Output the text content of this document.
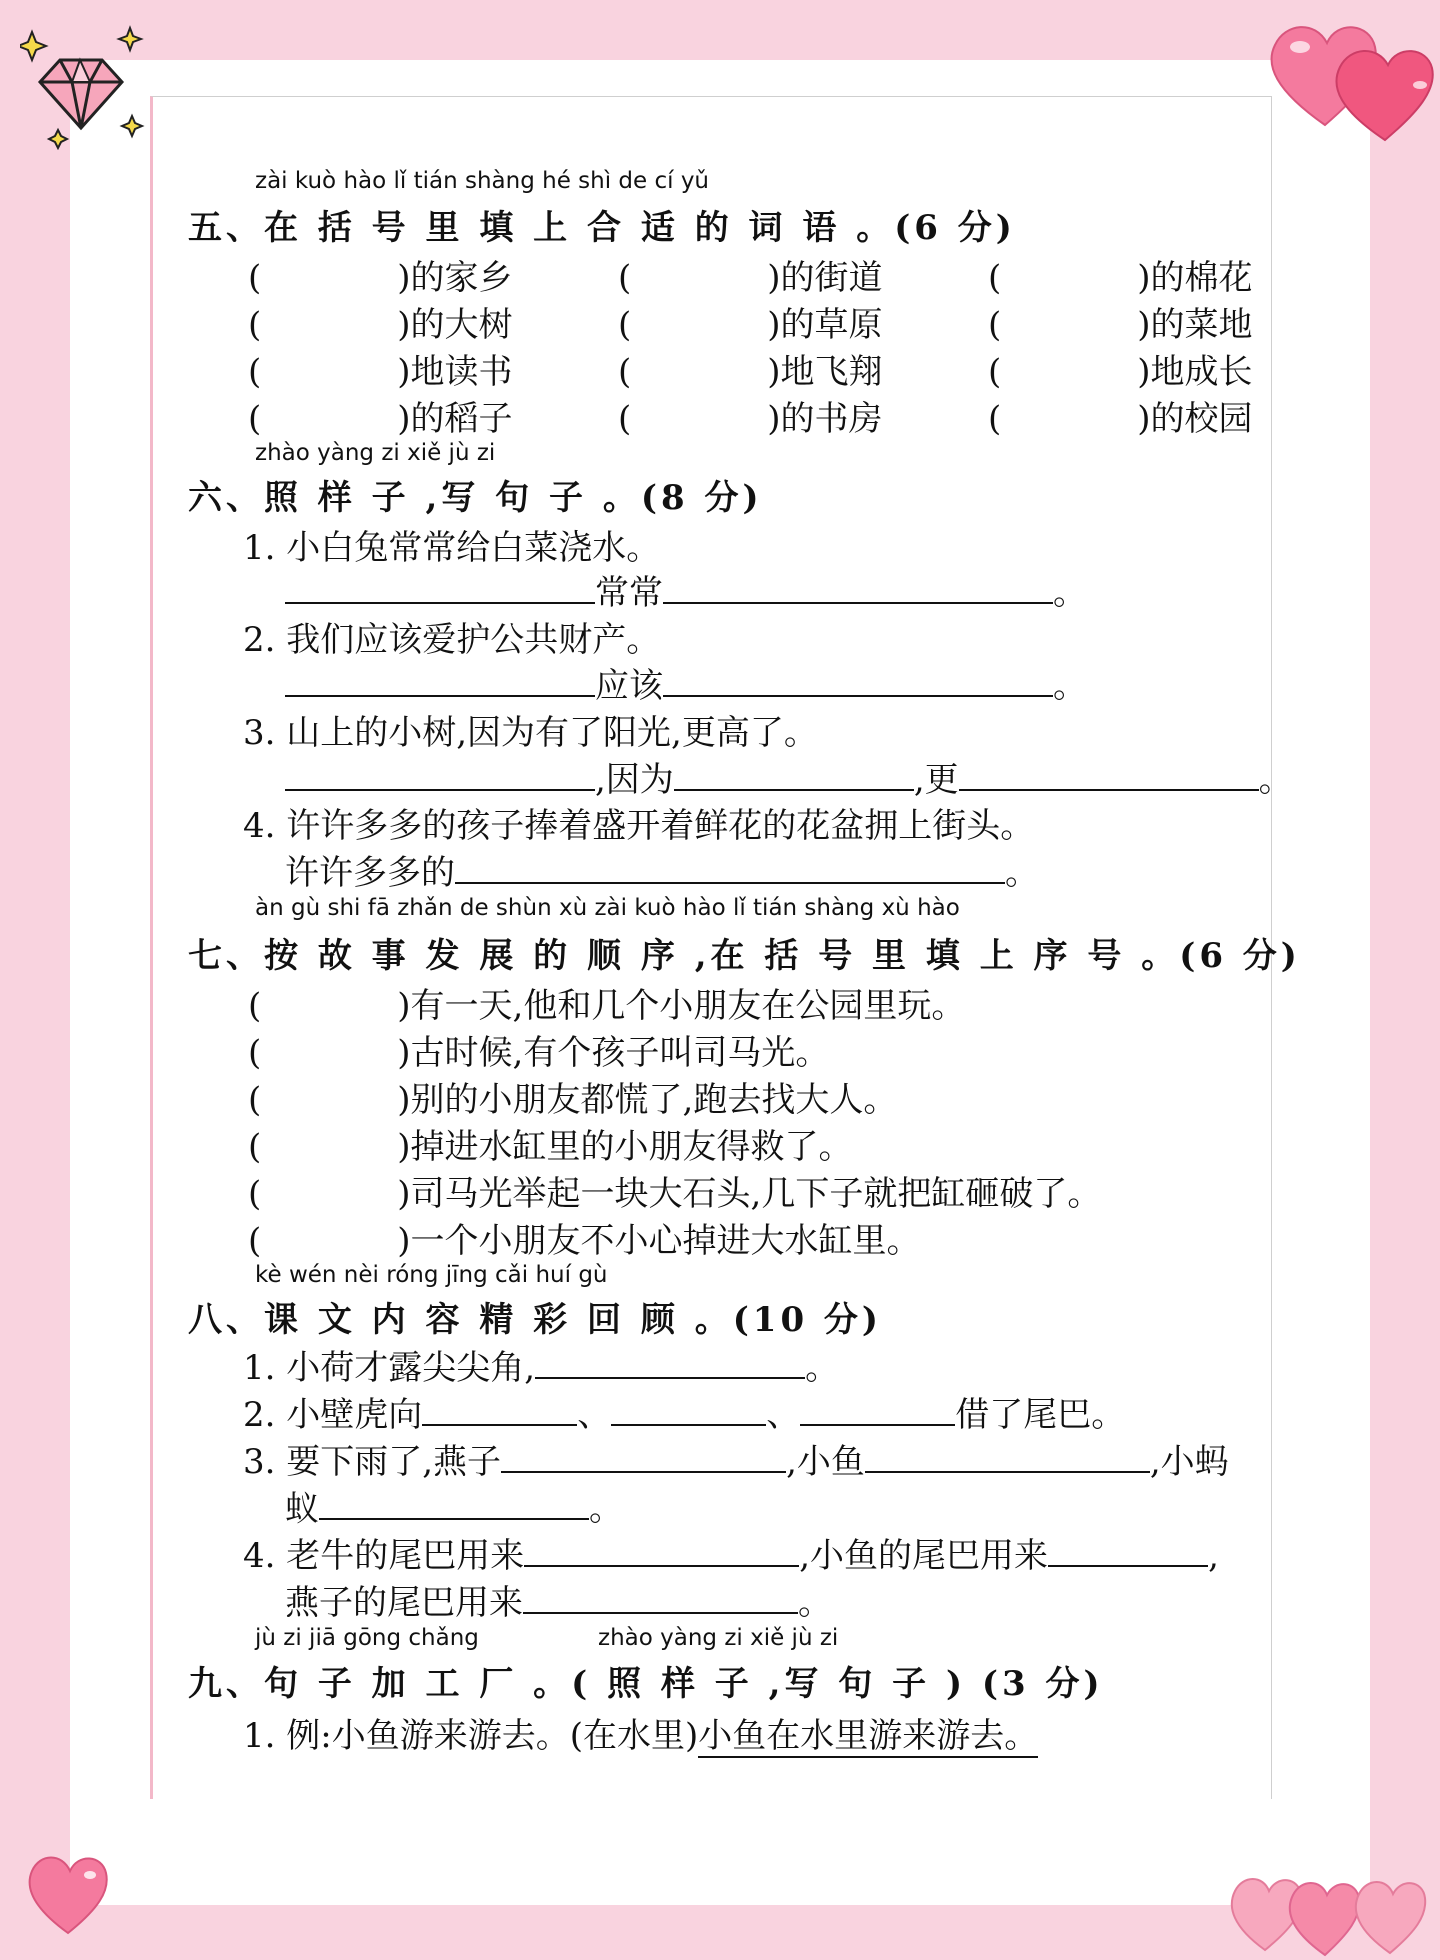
zài kuò hào lǐ tián shàng hé shì de cí yǔ
五、在 括 号 里 填 上 合 适 的 词 语 。(6 分)
(　　　　)的家乡	(　　　　)的街道	(　　　　)的棉花
(　　　　)的大树	(　　　　)的草原	(　　　　)的菜地
(　　　　)地读书	(　　　　)地飞翔	(　　　　)地成长
(　　　　)的稻子	(　　　　)的书房	(　　　　)的校园
zhào yàng zi xiě jù zi
六、照 样 子 ,写 句 子 。(8 分)
1. 小白兔常常给白菜浇水。
常常	。
2. 我们应该爱护公共财产。
应该	。
3. 山上的小树,因为有了阳光,更高了。
,因为	,更	。
4. 许许多多的孩子捧着盛开着鲜花的花盆拥上街头。
许许多多的	。
àn gù shi fā zhǎn de shùn xù zài kuò hào lǐ tián shàng xù hào
七、按 故 事 发 展 的 顺 序 ,在 括 号 里 填 上 序 号 。(6 分)
(　　　　)有一天,他和几个小朋友在公园里玩。
(　　　　)古时候,有个孩子叫司马光。
(　　　　)别的小朋友都慌了,跑去找大人。
(　　　　)掉进水缸里的小朋友得救了。
(　　　　)司马光举起一块大石头,几下子就把缸砸破了。
(　　　　)一个小朋友不小心掉进大水缸里。
kè wén nèi róng jīng cǎi huí gù
八、课 文 内 容 精 彩 回 顾 。(10 分)
1. 小荷才露尖尖角,	。
2. 小壁虎向	、	、	借了尾巴。
3. 要下雨了,燕子	,小鱼	,小蚂
蚁	。
4. 老牛的尾巴用来	,小鱼的尾巴用来	,
燕子的尾巴用来	。
jù zi jiā gōng chǎng	zhào yàng zi xiě jù zi
九、句 子 加 工 厂 。( 照 样 子 ,写 句 子 ) (3 分)
1. 例:小鱼游来游去。(在水里)小鱼在水里游来游去。
